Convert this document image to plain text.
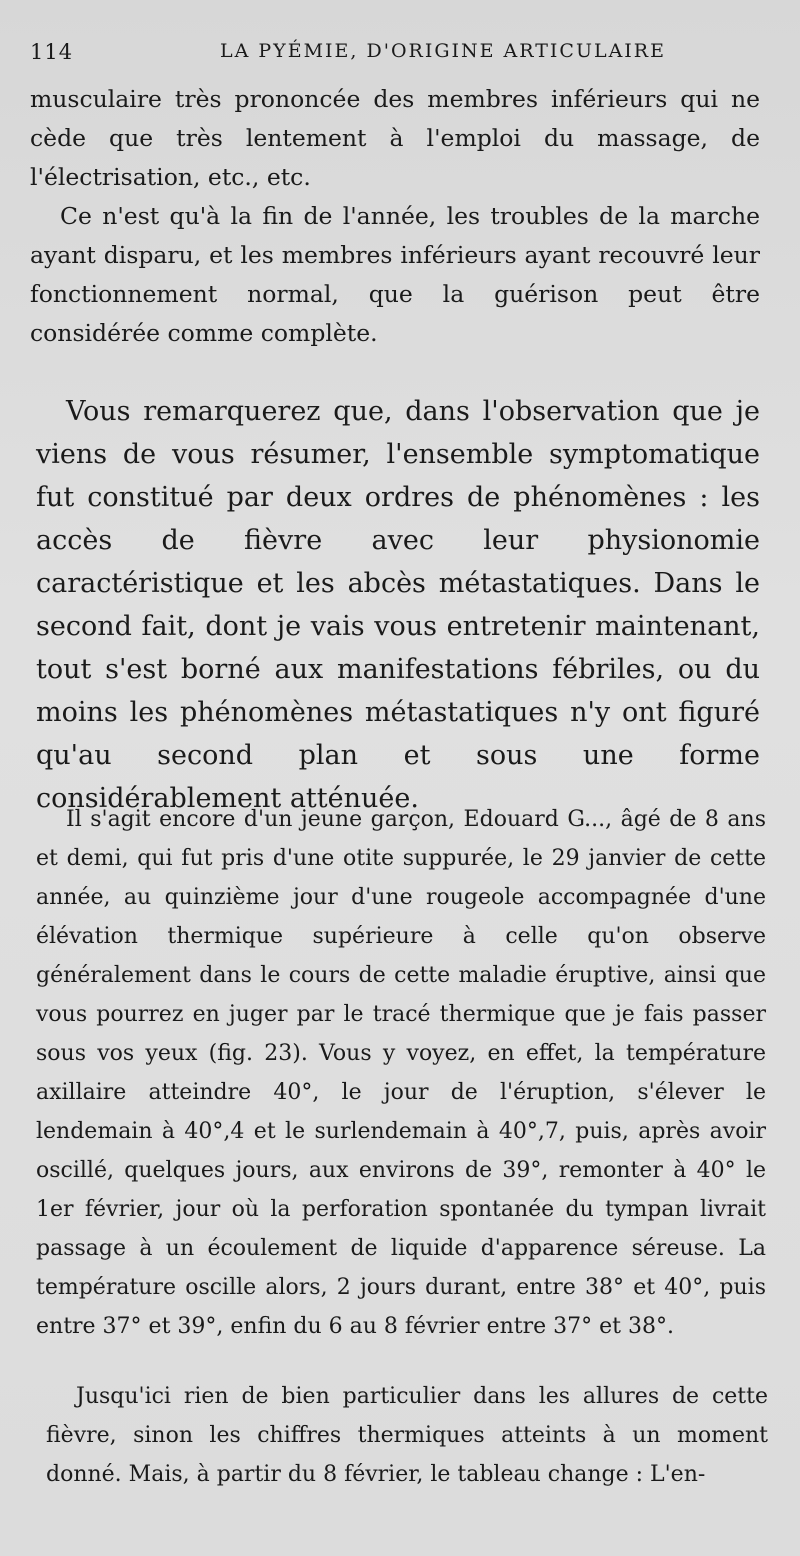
114	LA PYÉMIE, D'ORIGINE ARTICULAIRE

musculaire très prononcée des membres inférieurs qui ne cède que très lentement à l'emploi du massage, de l'électrisation, etc., etc.

Ce n'est qu'à la fin de l'année, les troubles de la marche ayant disparu, et les membres inférieurs ayant recouvré leur fonctionnement normal, que la guérison peut être considérée comme complète.

Vous remarquerez que, dans l'observation que je viens de vous résumer, l'ensemble symptomatique fut constitué par deux ordres de phénomènes : les accès de fièvre avec leur physionomie caractéristique et les abcès métastatiques. Dans le second fait, dont je vais vous entretenir maintenant, tout s'est borné aux manifestations fébriles, ou du moins les phénomènes métastatiques n'y ont figuré qu'au second plan et sous une forme considérablement atténuée.

Il s'agit encore d'un jeune garçon, Edouard G..., âgé de 8 ans et demi, qui fut pris d'une otite suppurée, le 29 janvier de cette année, au quinzième jour d'une rougeole accompagnée d'une élévation thermique supérieure à celle qu'on observe généralement dans le cours de cette maladie éruptive, ainsi que vous pourrez en juger par le tracé thermique que je fais passer sous vos yeux (fig. 23). Vous y voyez, en effet, la température axillaire atteindre 40°, le jour de l'éruption, s'élever le lendemain à 40°,4 et le surlendemain à 40°,7, puis, après avoir oscillé, quelques jours, aux environs de 39°, remonter à 40° le 1er février, jour où la perforation spontanée du tympan livrait passage à un écoulement de liquide d'apparence séreuse. La température oscille alors, 2 jours durant, entre 38° et 40°, puis entre 37° et 39°, enfin du 6 au 8 février entre 37° et 38°.

Jusqu'ici rien de bien particulier dans les allures de cette fièvre, sinon les chiffres thermiques atteints à un moment donné. Mais, à partir du 8 février, le tableau change : L'en-
